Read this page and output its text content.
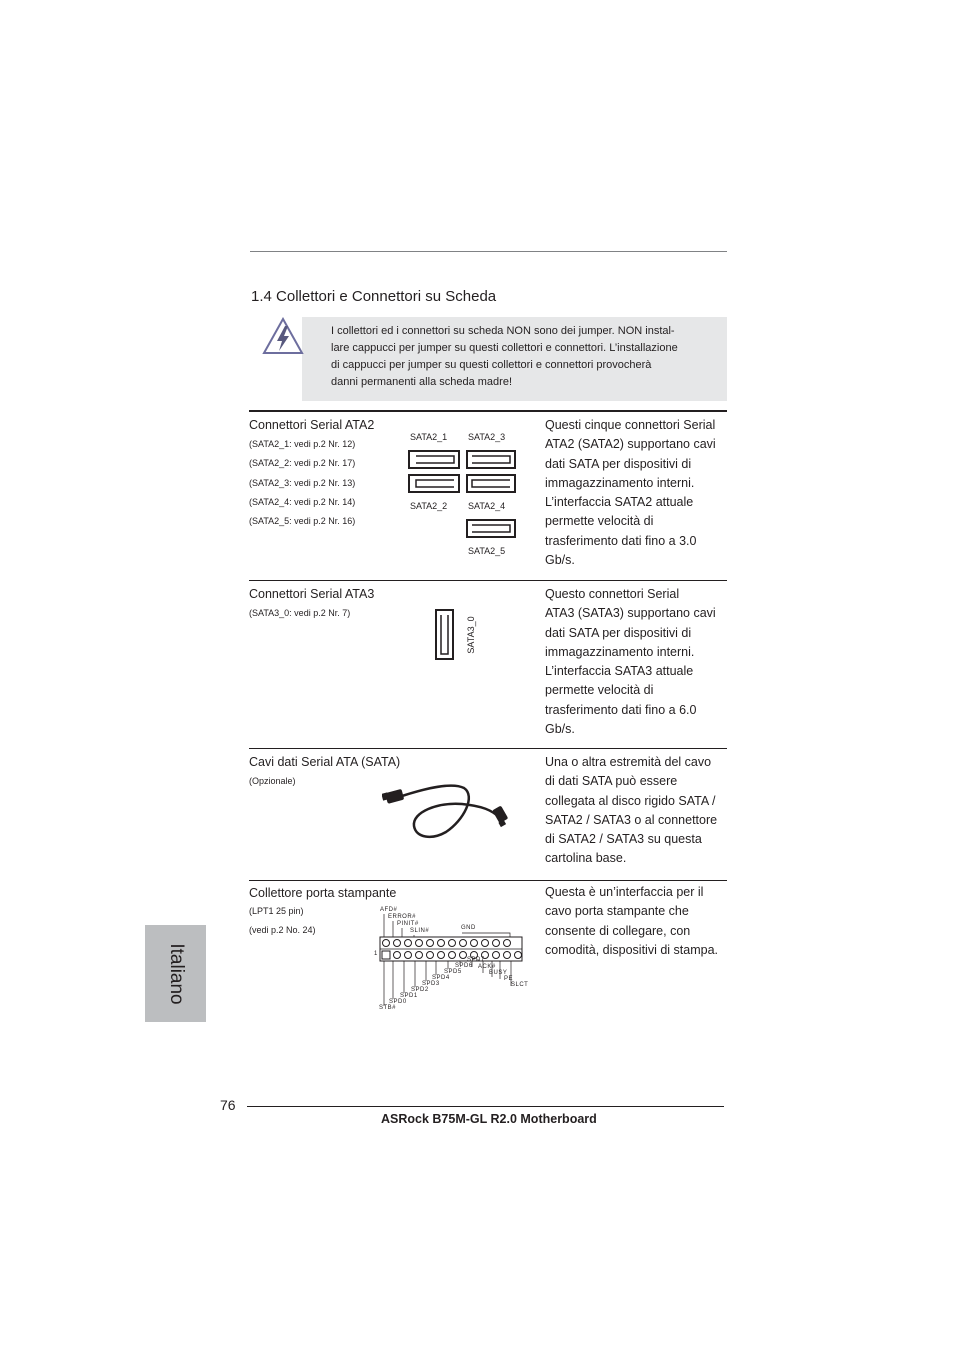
1.4 Collettori e Connettori su Scheda
I collettori ed i connettori su scheda NON sono dei jumper. NON instal-
lare cappucci per jumper su questi collettori e connettori. L’installazione
di cappucci per jumper su questi collettori e connettori provocherà
danni permanenti alla scheda madre!
Connettori Serial ATA2
(SATA2_1: vedi p.2 Nr. 12)
(SATA2_2: vedi p.2 Nr. 17)
(SATA2_3: vedi p.2 Nr. 13)
(SATA2_4: vedi p.2 Nr. 14)
(SATA2_5: vedi p.2 Nr. 16)
SATA2_1 SATA2_3
SATA2_2 SATA2_4
SATA2_5
Questi cinque connettori Serial
ATA2 (SATA2) supportano cavi
dati SATA per dispositivi di
immagazzinamento interni.
L’interfaccia SATA2 attuale
permette velocità di
trasferimento dati fino a 3.0
Gb/s.
Connettori Serial ATA3
(SATA3_0: vedi p.2 Nr. 7)
SATA3_0
Questo connettori Serial
ATA3 (SATA3) supportano cavi
dati SATA per dispositivi di
immagazzinamento interni.
L’interfaccia SATA3 attuale
permette velocità di
trasferimento dati fino a 6.0
Gb/s.
Cavi dati Serial ATA (SATA)
(Opzionale)
Una o altra estremità del cavo
di dati SATA può essere
collegata al disco rigido SATA /
SATA2 / SATA3 o al connettore
di SATA2 / SATA3 su questa
cartolina base.
Collettore porta stampante
(LPT1 25 pin)
(vedi p.2 No. 24)
AFD#
ERROR#
PINIT#
SLIN#	GND
1
SPD7
SPD6 ACK#
SPD5	BUSY
SPD4	PE
SPD3	SLCT
SPD2
SPD1
SPD0
STB#
Questa è un’interfaccia per il
cavo porta stampante che
consente di collegare, con
comodità, dispositivi di stampa.
Italiano
76
ASRock B75M-GL R2.0 Motherboard
